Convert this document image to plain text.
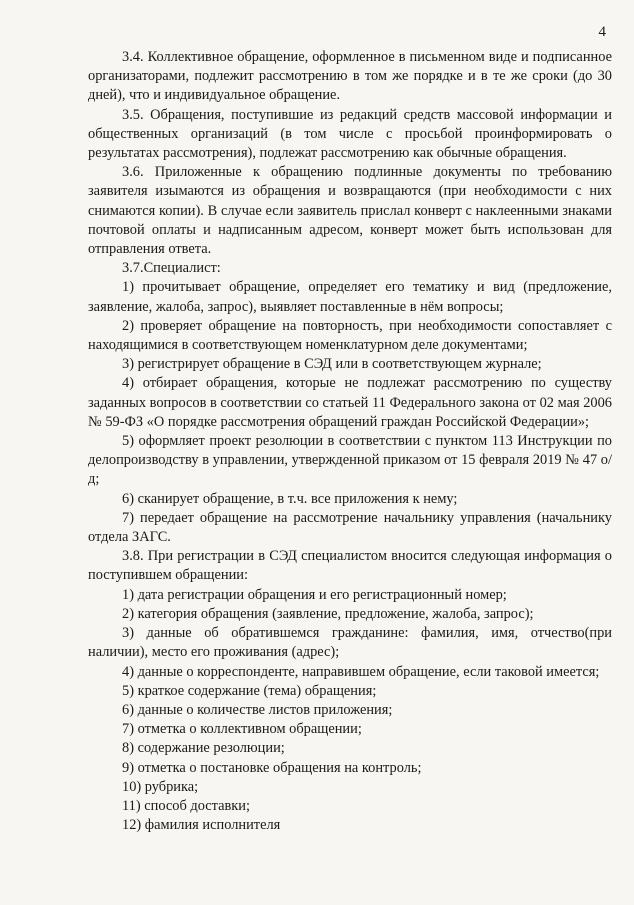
4

3.4. Коллективное обращение, оформленное в письменном виде и подписанное организаторами, подлежит рассмотрению в том же порядке и в те же сроки (до 30 дней), что и индивидуальное обращение.

3.5. Обращения, поступившие из редакций средств массовой информации и общественных организаций (в том числе с просьбой проинформировать о результатах рассмотрения), подлежат рассмотрению как обычные обращения.

3.6. Приложенные к обращению подлинные документы по требованию заявителя изымаются из обращения и возвращаются (при необходимости с них снимаются копии). В случае если заявитель прислал конверт с наклеенными знаками почтовой оплаты и надписанным адресом, конверт может быть использован для отправления ответа.

3.7.Специалист:

1) прочитывает обращение, определяет его тематику и вид (предложение, заявление, жалоба, запрос), выявляет поставленные в нём вопросы;

2) проверяет обращение на повторность, при необходимости сопоставляет с находящимися в соответствующем номенклатурном деле документами;

3) регистрирует обращение в СЭД или в соответствующем журнале;

4) отбирает обращения, которые не подлежат рассмотрению по существу заданных вопросов в соответствии со статьей 11 Федерального закона от 02 мая 2006 № 59-ФЗ «О порядке рассмотрения обращений граждан Российской Федерации»;

5) оформляет проект резолюции в соответствии с пунктом 113 Инструкции по делопроизводству в управлении, утвержденной приказом от 15 февраля 2019 № 47 о/д;

6) сканирует обращение, в т.ч. все приложения к нему;

7) передает обращение на рассмотрение начальнику управления (начальнику отдела ЗАГС.

3.8. При регистрации в СЭД специалистом вносится следующая информация о поступившем обращении:

1) дата регистрации обращения и его регистрационный номер;

2) категория обращения (заявление, предложение, жалоба, запрос);

3) данные об обратившемся гражданине: фамилия, имя, отчество(при наличии), место его проживания (адрес);

4) данные о корреспонденте, направившем обращение, если таковой имеется;

5) краткое содержание (тема) обращения;

6) данные о количестве листов приложения;

7) отметка о коллективном обращении;

8) содержание резолюции;

9) отметка о постановке обращения на контроль;

10) рубрика;

11) способ доставки;

12) фамилия исполнителя
